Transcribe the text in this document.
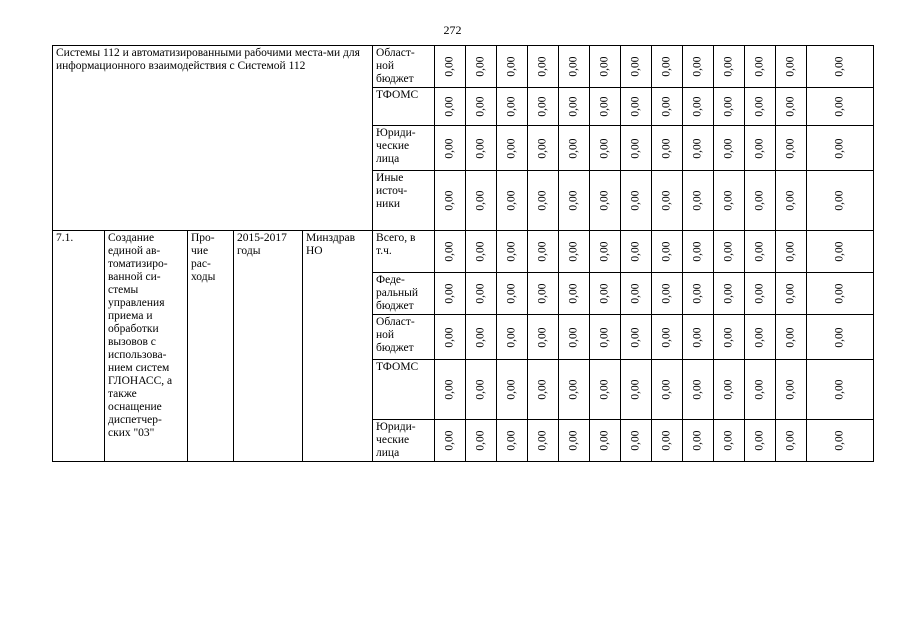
272
Системы 112 и автоматизированными рабочими места-ми для информационного взаимодействия с Системой 112					Област-ной бюджет	0,00	0,00	0,00	0,00	0,00	0,00	0,00	0,00	0,00	0,00	0,00	0,00	0,00

					ТФОМС	0,00	0,00	0,00	0,00	0,00	0,00	0,00	0,00	0,00	0,00	0,00	0,00	0,00

					Юриди-ческие лица	0,00	0,00	0,00	0,00	0,00	0,00	0,00	0,00	0,00	0,00	0,00	0,00	0,00

					Иные источ-ники	0,00	0,00	0,00	0,00	0,00	0,00	0,00	0,00	0,00	0,00	0,00	0,00	0,00

7.1.	Создание единой ав-томатизиро-ванной си-стемы управления приема и обработки вызовов с использова-нием систем ГЛОНАСС, а также оснащение диспетчер-ских "03"	Про-чие рас-ходы	2015-2017 годы	Минздрав НО	Всего, в т.ч.	0,00	0,00	0,00	0,00	0,00	0,00	0,00	0,00	0,00	0,00	0,00	0,00	0,00

					Феде-ральный бюджет	0,00	0,00	0,00	0,00	0,00	0,00	0,00	0,00	0,00	0,00	0,00	0,00	0,00

					Област-ной бюджет	0,00	0,00	0,00	0,00	0,00	0,00	0,00	0,00	0,00	0,00	0,00	0,00	0,00

					ТФОМС	0,00	0,00	0,00	0,00	0,00	0,00	0,00	0,00	0,00	0,00	0,00	0,00	0,00

					Юриди-ческие лица	0,00	0,00	0,00	0,00	0,00	0,00	0,00	0,00	0,00	0,00	0,00	0,00	0,00
